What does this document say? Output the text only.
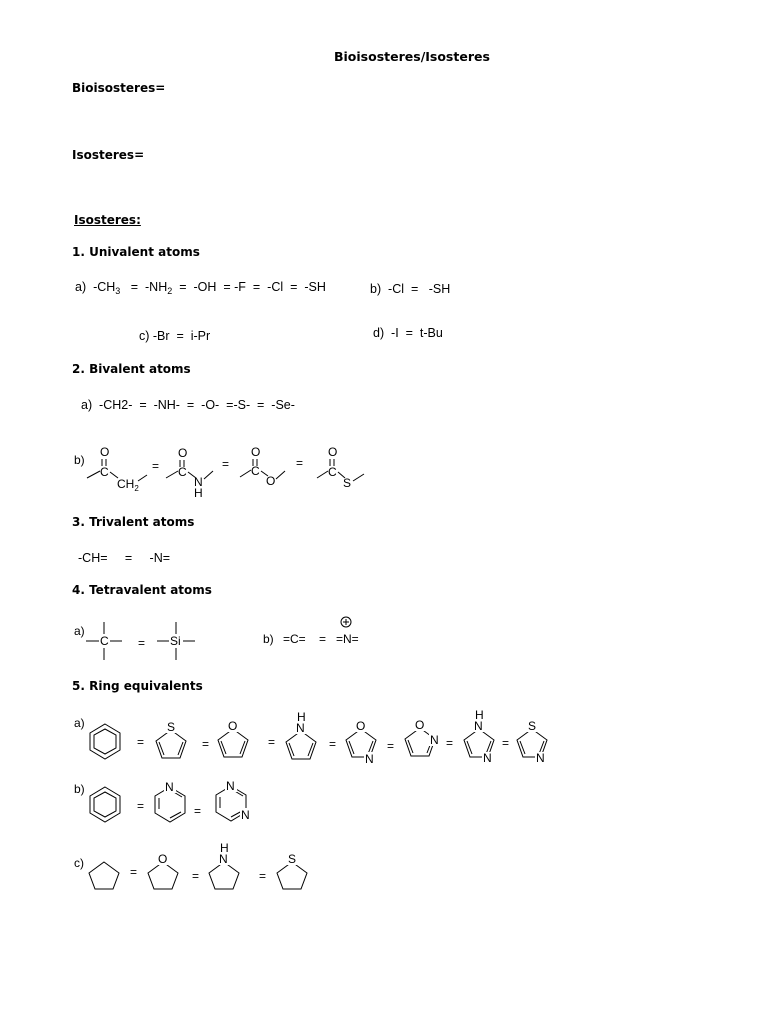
Bioisosteres/Isosteres
Bioisosteres=
Isosteres=
Isosteres:
1. Univalent atoms
a) $-CH_3 = -NH_2 = -OH = -F = -Cl = -SH$	b)  -Cl  =   -SH
c) -Br  =  i-Pr	d)  -I  =  t-Bu
2. Bivalent atoms
a)  -CH2-  =  -NH-  =  -O-  =-S-  =  -Se-
3. Trivalent atoms
-CH=     =     -N=
4. Tetravalent atoms
5. Ring equivalents
b)
O
C
$CH_2$
=
O
C
N
H
=
O
C
O
=
O
C
S
a)
C = Si	b) =C= = =N=
a)
=
S
=
O
=
N
H
=
O
N
=
O
N =
N
H
N
=
S
N
b)
=
N
=
N
N
c)
=
O
=
N
H
=
S
